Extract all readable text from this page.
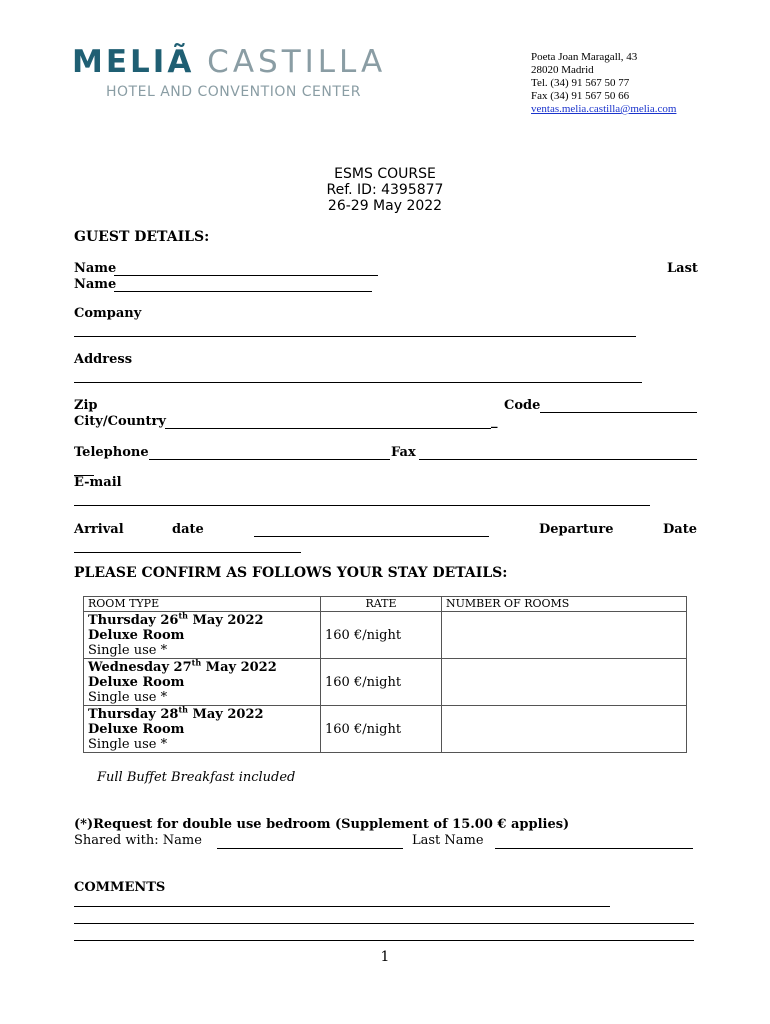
MELIÃ CASTILLA
HOTEL AND CONVENTION CENTER
Poeta Joan Maragall, 43
28020 Madrid
Tel. (34) 91 567 50 77
Fax (34) 91 567 50 66
ventas.melia.castilla@melia.com
ESMS COURSE
Ref. ID: 4395877
26-29 May 2022
GUEST DETAILS:
Name	Last
Name
Company
Address
Zip	Code
City/Country	_
Telephone	Fax
E-mail
Arrival	date	Departure	Date
PLEASE CONFIRM AS FOLLOWS YOUR STAY DETAILS:
ROOM TYPE	RATE	NUMBER OF ROOMS

Thursday 26th May 2022
Deluxe Room
Single use *	160 €/night	

Wednesday 27th May 2022
Deluxe Room
Single use *	160 €/night	

Thursday 28th May 2022
Deluxe Room
Single use *	160 €/night	
Full Buffet Breakfast included
(*)Request for double use bedroom (Supplement of 15.00 € applies)
Shared with: Name	Last Name
COMMENTS
1
